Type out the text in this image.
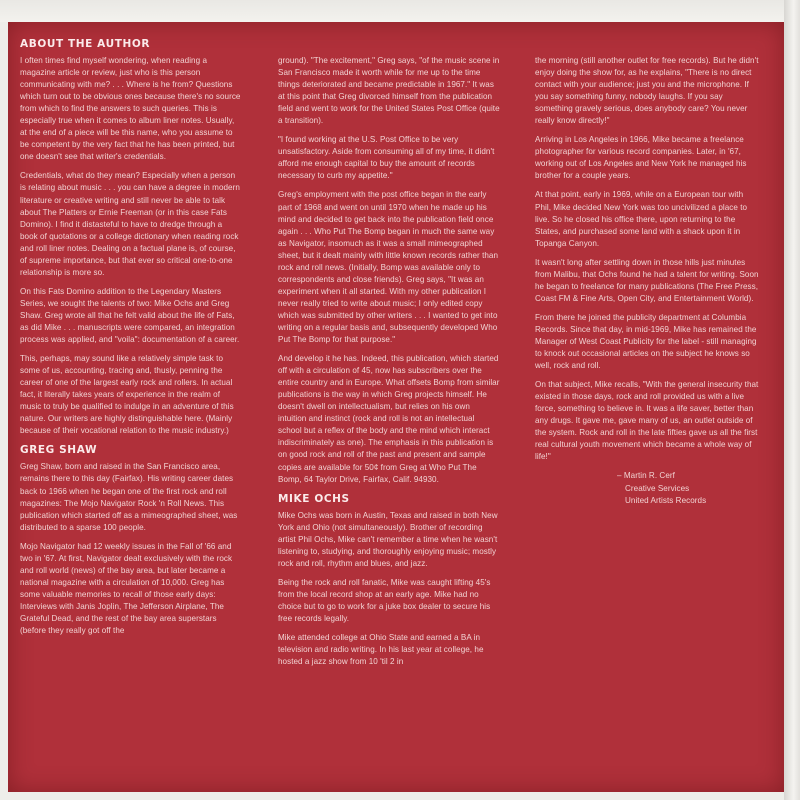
ABOUT THE AUTHOR

I often times find myself wondering, when reading a magazine article or review, just who is this person communicating with me? . . . Where is he from? Questions which turn out to be obvious ones because there's no source from which to find the answers to such queries. This is especially true when it comes to album liner notes. Usually, at the end of a piece will be this name, who you assume to be competent by the very fact that he has been printed, but one doesn't see that writer's credentials.

Credentials, what do they mean? Especially when a person is relating about music . . . you can have a degree in modern literature or creative writing and still never be able to talk about The Platters or Ernie Freeman (or in this case Fats Domino). I find it distasteful to have to dredge through a book of quotations or a college dictionary when reading rock and roll liner notes. Dealing on a factual plane is, of course, of supreme importance, but that ever so critical one-to-one relationship is more so.

On this Fats Domino addition to the Legendary Masters Series, we sought the talents of two: Mike Ochs and Greg Shaw. Greg wrote all that he felt valid about the life of Fats, as did Mike . . . manuscripts were compared, an integration process was applied, and "voila": documentation of a career.

This, perhaps, may sound like a relatively simple task to some of us, accounting, tracing and, thusly, penning the career of one of the largest early rock and rollers. In actual fact, it literally takes years of experience in the realm of music to truly be qualified to indulge in an adventure of this nature. Our writers are highly distinguishable here. (Mainly because of their vocational relation to the music industry.)

GREG SHAW

Greg Shaw, born and raised in the San Francisco area, remains there to this day (Fairfax). His writing career dates back to 1966 when he began one of the first rock and roll magazines: The Mojo Navigator Rock 'n Roll News. This publication which started off as a mimeographed sheet, was distributed to a sparse 100 people.

Mojo Navigator had 12 weekly issues in the Fall of '66 and two in '67. At first, Navigator dealt exclusively with the rock and roll world (news) of the bay area, but later became a national magazine with a circulation of 10,000. Greg has some valuable memories to recall of those early days: Interviews with Janis Joplin, The Jefferson Airplane, The Grateful Dead, and the rest of the bay area superstars (before they really got off the

ground). "The excitement," Greg says, "of the music scene in San Francisco made it worth while for me up to the time things deteriorated and became predictable in 1967." It was at this point that Greg divorced himself from the publication field and went to work for the United States Post Office (quite a transition).

"I found working at the U.S. Post Office to be very unsatisfactory. Aside from consuming all of my time, it didn't afford me enough capital to buy the amount of records necessary to curb my appetite."

Greg's employment with the post office began in the early part of 1968 and went on until 1970 when he made up his mind and decided to get back into the publication field once again . . . Who Put The Bomp began in much the same way as Navigator, insomuch as it was a small mimeographed sheet, but it dealt mainly with little known records rather than rock and roll news. (Initially, Bomp was available only to correspondents and close friends). Greg says, "It was an experiment when it all started. With my other publication I never really tried to write about music; I only edited copy which was submitted by other writers . . . I wanted to get into writing on a regular basis and, subsequently developed Who Put The Bomp for that purpose."

And develop it he has. Indeed, this publication, which started off with a circulation of 45, now has subscribers over the entire country and in Europe. What offsets Bomp from similar publications is the way in which Greg projects himself. He doesn't dwell on intellectualism, but relies on his own intuition and instinct (rock and roll is not an intellectual school but a reflex of the body and the mind which interact indiscriminately as one). The emphasis in this publication is on good rock and roll of the past and present and sample copies are available for 50¢ from Greg at Who Put The Bomp, 64 Taylor Drive, Fairfax, Calif. 94930.

MIKE OCHS

Mike Ochs was born in Austin, Texas and raised in both New York and Ohio (not simultaneously). Brother of recording artist Phil Ochs, Mike can't remember a time when he wasn't listening to, studying, and thoroughly enjoying music; mostly rock and roll, rhythm and blues, and jazz.

Being the rock and roll fanatic, Mike was caught lifting 45's from the local record shop at an early age. Mike had no choice but to go to work for a juke box dealer to secure his free records legally.

Mike attended college at Ohio State and earned a BA in television and radio writing. In his last year at college, he hosted a jazz show from 10 'til 2 in

the morning (still another outlet for free records). But he didn't enjoy doing the show for, as he explains, "There is no direct contact with your audience; just you and the microphone. If you say something funny, nobody laughs. If you say something gravely serious, does anybody care? You never really know directly!"

Arriving in Los Angeles in 1966, Mike became a freelance photographer for various record companies. Later, in '67, working out of Los Angeles and New York he managed his brother for a couple years.

At that point, early in 1969, while on a European tour with Phil, Mike decided New York was too uncivilized a place to live. So he closed his office there, upon returning to the States, and purchased some land with a shack upon it in Topanga Canyon.

It wasn't long after settling down in those hills just minutes from Malibu, that Ochs found he had a talent for writing. Soon he began to freelance for many publications (The Free Press, Coast FM & Fine Arts, Open City, and Entertainment World).

From there he joined the publicity department at Columbia Records. Since that day, in mid-1969, Mike has remained the Manager of West Coast Publicity for the label - still managing to knock out occasional articles on the subject he knows so well, rock and roll.

On that subject, Mike recalls, "With the general insecurity that existed in those days, rock and roll provided us with a live force, something to believe in. It was a life saver, better than any drugs. It gave me, gave many of us, an outlet outside of the system. Rock and roll in the late fifties gave us all the first real cultural youth movement which became a whole way of life!"

– Martin R. Cerf
Creative Services
United Artists Records
